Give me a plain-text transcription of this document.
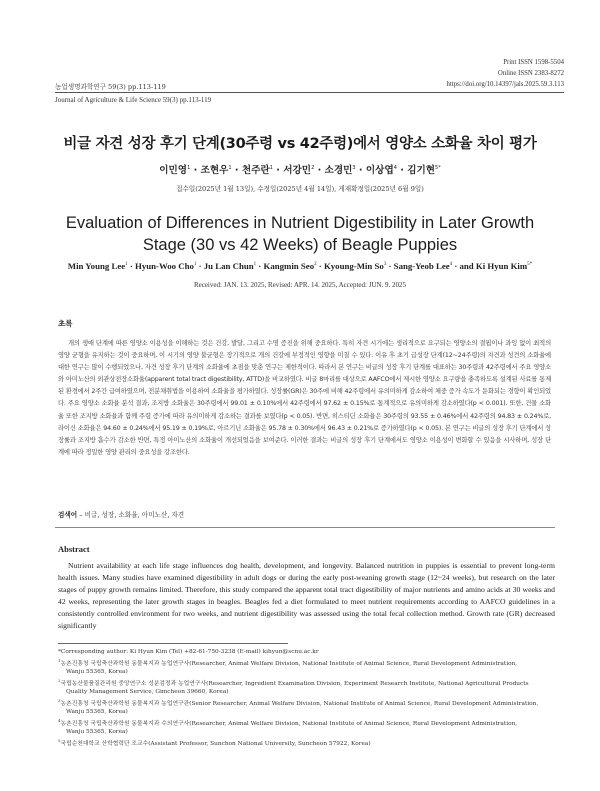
Print ISSN 1598-5504
Online ISSN 2383-8272
https://doi.org/10.14397/jals.2025.59.3.113
농업생명과학연구 59(3) pp.113-119
Journal of Agriculture & Life Science 59(3) pp.113-119
비글 자견 성장 후기 단계(30주령 vs 42주령)에서 영양소 소화율 차이 평가
이민영$^1$ · 조현우$^1$ · 천주란$^1$ · 서강민$^2$ · 소경민$^3$ · 이상엽$^4$ · 김기현$^{5*}$
접수일(2025년 1월 13일), 수정일(2025년 4월 14일), 게재확정일(2025년 6월 9일)
Evaluation of Differences in Nutrient Digestibility in Later Growth
Stage (30 vs 42 Weeks) of Beagle Puppies
Min Young Lee$^1$ · Hyun-Woo Cho$^1$ · Ju Lan Chun$^1$ · Kangmin Seo$^2$ · Kyoung-Min $So^3$ · Sang-Yeob Lee$^4$ · and Ki Hyun Kim$^{5*}$
Received: JAN. 13. 2025, Revised: APR. 14. 2025, Accepted: JUN. 9. 2025
초록
개의 생애 단계에 따른 영양소 이용성을 이해하는 것은 건강, 발달, 그리고 수명 증진을 위해 중요하다. 특히 자견 시기에는 생리적으로 요구되는 영양소의 결핍이나 과잉 없이 최적의 영양 균형을 유지하는 것이 중요하며, 이 시기의 영양 불균형은 장기적으로 개의 건강에 부정적인 영향을 미칠 수 있다. 이유 후 초기 급성장 단계(12~24주령)의 자견과 성견의 소화율에 대한 연구는 많이 수행되었으나, 자견 성장 후기 단계의 소화율에 초점을 맞춘 연구는 제한적이다. 따라서 본 연구는 비글의 성장 후기 단계를 대표하는 30주령과 42주령에서 주요 영양소와 아미노산의 외관상전장소화율(apparent total tract digestibility, ATTD)을 비교하였다. 비글 8마리를 대상으로 AAFCO에서 제시한 영양소 요구량을 충족하도록 설계된 사료를 통제된 환경에서 2주간 급여하였으며, 전분채취법을 이용하여 소화율을 평가하였다. 성장률(GR)은 30주에 비해 42주령에서 유의미하게 감소하여 체중 증가 속도가 둔화되는 경향이 확인되었다. 주요 영양소 소화율 분석 결과, 조지방 소화율은 30주령에서 99.01 ± 0.10%에서 42주령에서 97.62 ± 0.15%로 통계적으로 유의미하게 감소하였다(p < 0.001). 또한, 건물 소화율 또한 조지방 소화율과 함께 주령 증가에 따라 유의미하게 감소하는 결과를 보였다(p < 0.05). 반면, 히스티딘 소화율은 30주령의 93.55 ± 0.46%에서 42주령의 94.83 ± 0.24%로, 라이신 소화율은 94.60 ± 0.24%에서 95.19 ± 0.19%로, 아르기닌 소화율은 95.78 ± 0.30%에서 96.43 ± 0.21%로 증가하였다(p < 0.05). 본 연구는 비글의 성장 후기 단계에서 성장률과 조지방 흡수가 감소한 반면, 특정 아미노산의 소화율이 개선되었음을 보여준다. 이러한 결과는 비글의 성장 후기 단계에서도 영양소 이용성이 변화할 수 있음을 시사하며, 성장 단계에 따라 정밀한 영양 관리의 중요성을 강조한다.
검색어 – 비글, 성장, 소화율, 아미노산, 자견
Abstract
Nutrient availability at each life stage influences dog health, development, and longevity. Balanced nutrition in puppies is essential to prevent long-term health issues. Many studies have examined digestibility in adult dogs or during the early post-weaning growth stage (12~24 weeks), but research on the later stages of puppy growth remains limited. Therefore, this study compared the apparent total tract digestibility of major nutrients and amino acids at 30 weeks and 42 weeks, representing the later growth stages in beagles. Beagles fed a diet formulated to meet nutrient requirements according to AAFCO guidelines in a consistently controlled environment for two weeks, and nutrient digestibility was assessed using the total fecal collection method. Growth rate (GR) decreased significantly
*Corresponding author: Ki Hyun Kim (Tel) +82-61-750-3238 (E-mail) kihyun@scnu.ac.kr
$^1$농촌진흥청 국립축산과학원 동물복지과 농업연구사(Researcher, Animal Welfare Division, National Institute of Animal Science, Rural Development Administration,
Wanju 55365, Korea)
$^2$국립농산물품질관리원 중앙연구소 성분검정과 농업연구사(Researcher, Ingredient Examination Division, Experiment Research Institute, National Agricultural Products
Quality Management Service, Gimcheon 39660, Korea)
$^3$농촌진흥청 국립축산과학원 동물복지과 농업연구관(Senior Researcher, Animal Welfare Division, National Institute of Animal Science, Rural Development Administration,
Wanju 55365, Korea)
$^4$농촌진흥청 국립축산과학원 동물복지과 수의연구사(Researcher, Animal Welfare Division, National Institute of Animal Science, Rural Development Administration,
Wanju 55365, Korea)
$^5$국립순천대학교 산학협력단 조교수(Assistant Professor, Sunchon National University, Suncheon 57922, Korea)
